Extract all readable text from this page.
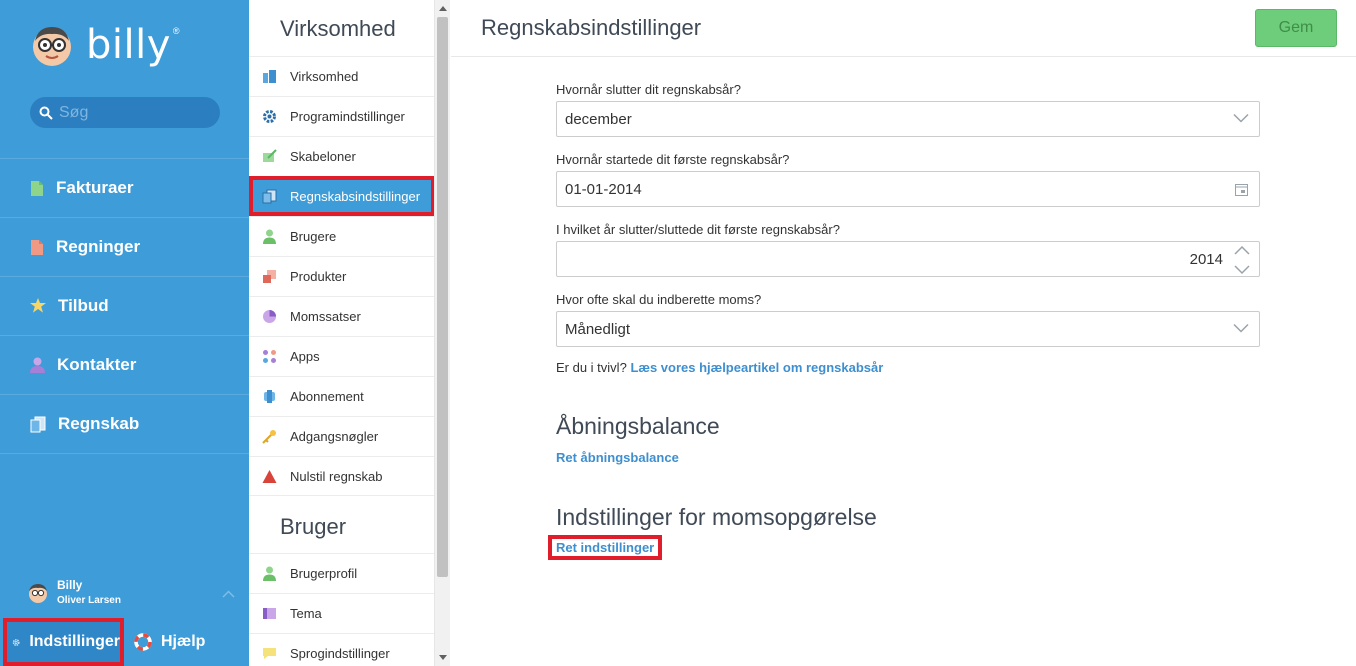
billy ®
Søg
Fakturaer
Regninger
Tilbud
Kontakter
Regnskab
Billy
Oliver Larsen
Indstillinger	Hjælp
Virksomhed
Virksomhed
Programindstillinger
Skabeloner
Regnskabsindstillinger
Brugere
Produkter
Momssatser
Apps
Abonnement
Adgangsnøgler
Nulstil regnskab
Bruger
Brugerprofil
Tema
Sprogindstillinger
Regnskabsindstillinger	Gem
Hvornår slutter dit regnskabsår?
december
Hvornår startede dit første regnskabsår?
01-01-2014
I hvilket år slutter/sluttede dit første regnskabsår?
2014
Hvor ofte skal du indberette moms?
Månedligt
Er du i tvivl? Læs vores hjælpeartikel om regnskabsår
Åbningsbalance
Ret åbningsbalance
Indstillinger for momsopgørelse
Ret indstillinger
